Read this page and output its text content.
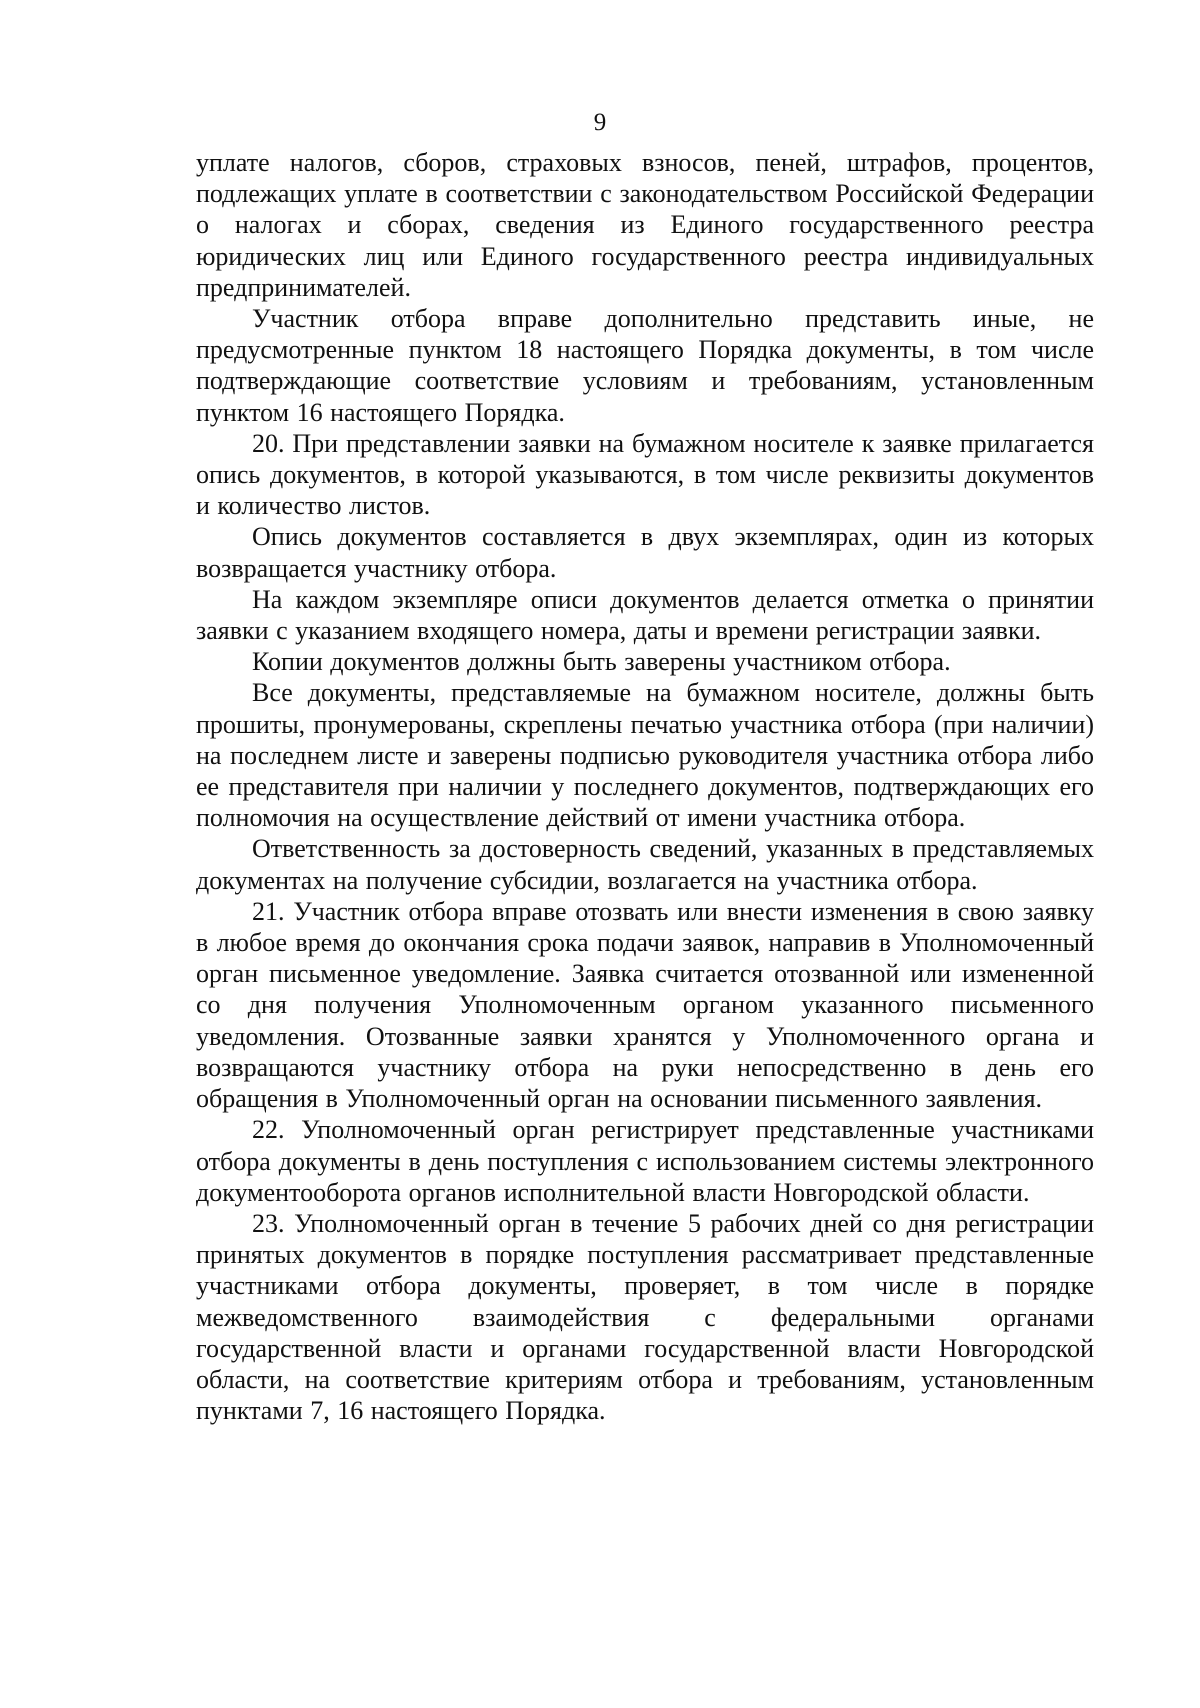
9

уплате налогов, сборов, страховых взносов, пеней, штрафов, процентов, подлежащих уплате в соответствии с законодательством Российской Федерации о налогах и сборах, сведения из Единого государственного реестра юридических лиц или Единого государственного реестра индивидуальных предпринимателей.

Участник отбора вправе дополнительно представить иные, не предусмотренные пунктом 18 настоящего Порядка документы, в том числе подтверждающие соответствие условиям и требованиям, установленным пунктом 16 настоящего Порядка.

20. При представлении заявки на бумажном носителе к заявке прилагается опись документов, в которой указываются, в том числе реквизиты документов и количество листов.

Опись документов составляется в двух экземплярах, один из которых возвращается участнику отбора.

На каждом экземпляре описи документов делается отметка о принятии заявки с указанием входящего номера, даты и времени регистрации заявки.

Копии документов должны быть заверены участником отбора.

Все документы, представляемые на бумажном носителе, должны быть прошиты, пронумерованы, скреплены печатью участника отбора (при наличии) на последнем листе и заверены подписью руководителя участника отбора либо ее представителя при наличии у последнего документов, подтверждающих его полномочия на осуществление действий от имени участника отбора.

Ответственность за достоверность сведений, указанных в представляемых документах на получение субсидии, возлагается на участника отбора.

21. Участник отбора вправе отозвать или внести изменения в свою заявку в любое время до окончания срока подачи заявок, направив в Уполномоченный орган письменное уведомление. Заявка считается отозванной или измененной со дня получения Уполномоченным органом указанного письменного уведомления. Отозванные заявки хранятся у Уполномоченного органа и возвращаются участнику отбора на руки непосредственно в день его обращения в Уполномоченный орган на основании письменного заявления.

22. Уполномоченный орган регистрирует представленные участниками отбора документы в день поступления с использованием системы электронного документооборота органов исполнительной власти Новгородской области.

23. Уполномоченный орган в течение 5 рабочих дней со дня регистрации принятых документов в порядке поступления рассматривает представленные участниками отбора документы, проверяет, в том числе в порядке межведомственного взаимодействия с федеральными органами государственной власти и органами государственной власти Новгородской области, на соответствие критериям отбора и требованиям, установленным пунктами 7, 16 настоящего Порядка.
